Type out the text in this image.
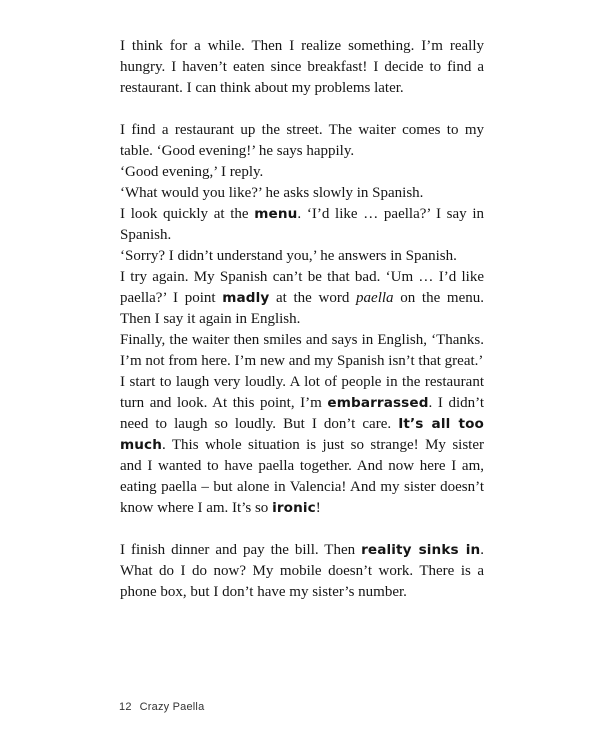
I think for a while. Then I realize something. I’m really hungry. I haven’t eaten since breakfast! I decide to find a restaurant. I can think about my problems later.

I find a restaurant up the street. The waiter comes to my table. ‘Good evening!’ he says happily.

‘Good evening,’ I reply.

‘What would you like?’ he asks slowly in Spanish.

I look quickly at the menu. ‘I’d like … paella?’ I say in Spanish.

‘Sorry? I didn’t understand you,’ he answers in Spanish.

I try again. My Spanish can’t be that bad. ‘Um … I’d like paella?’ I point madly at the word paella on the menu. Then I say it again in English.

Finally, the waiter then smiles and says in English, ‘Thanks. I’m not from here. I’m new and my Spanish isn’t that great.’

I start to laugh very loudly. A lot of people in the restaurant turn and look. At this point, I’m embarrassed. I didn’t need to laugh so loudly. But I don’t care. It’s all too much. This whole situation is just so strange! My sister and I wanted to have paella together. And now here I am, eating paella – but alone in Valencia! And my sister doesn’t know where I am. It’s so ironic!

I finish dinner and pay the bill. Then reality sinks in. What do I do now? My mobile doesn’t work. There is a phone box, but I don’t have my sister’s number.

12 Crazy Paella
